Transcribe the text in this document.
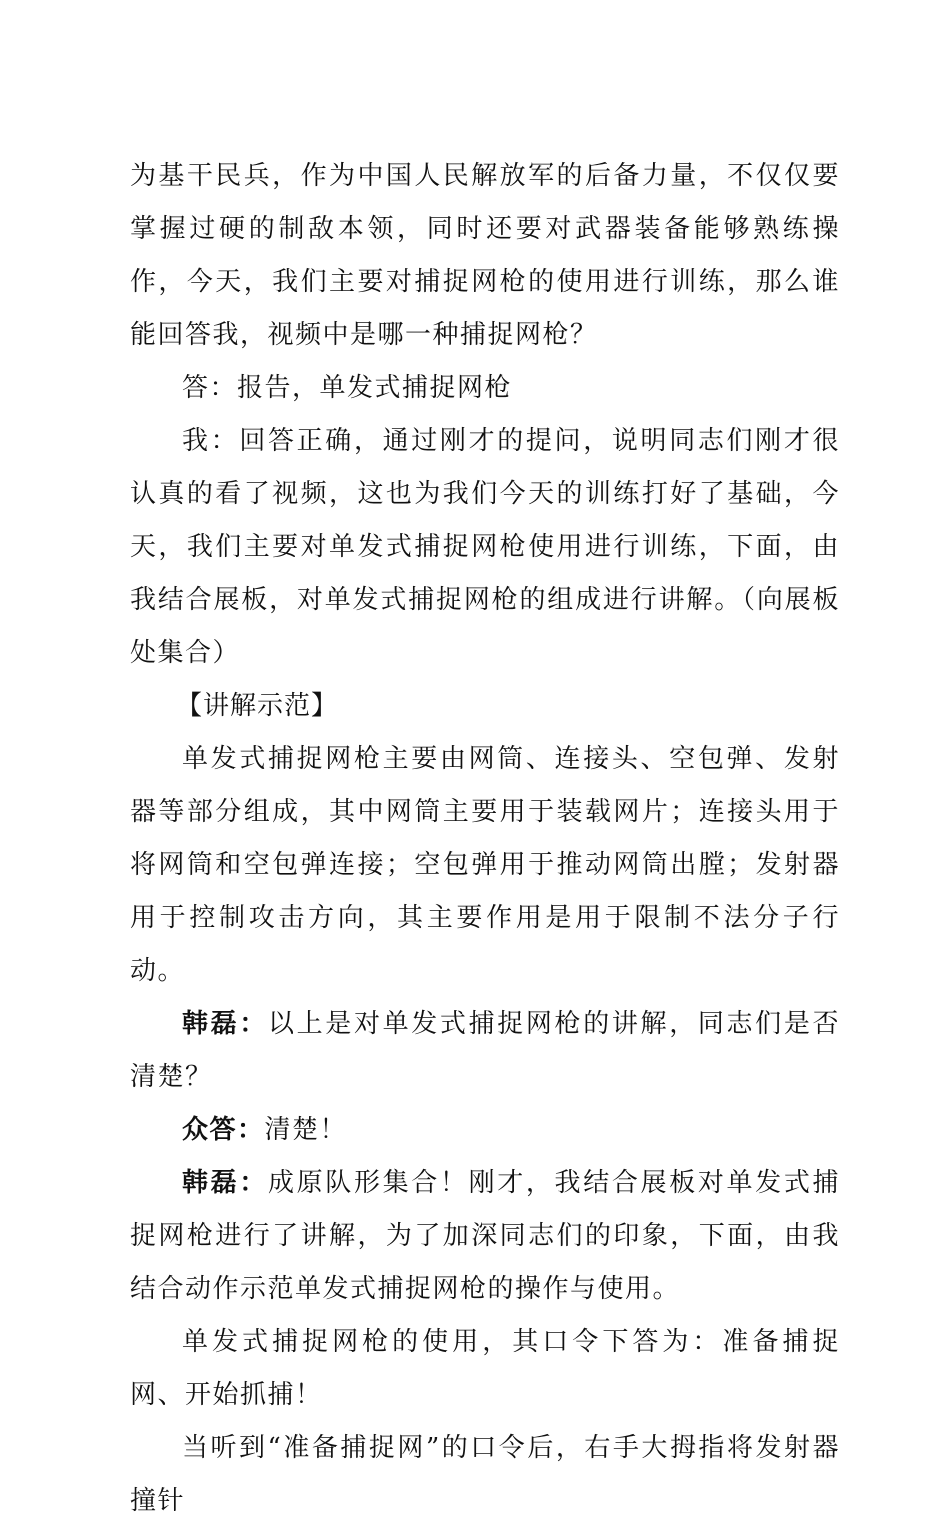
为基干民兵，作为中国人民解放军的后备力量，不仅仅要掌握过硬的制敌本领，同时还要对武器装备能够熟练操作，今天，我们主要对捕捉网枪的使用进行训练，那么谁能回答我，视频中是哪一种捕捉网枪？

答：报告，单发式捕捉网枪

我：回答正确，通过刚才的提问，说明同志们刚才很认真的看了视频，这也为我们今天的训练打好了基础，今天，我们主要对单发式捕捉网枪使用进行训练，下面，由我结合展板，对单发式捕捉网枪的组成进行讲解。（向展板处集合）

【讲解示范】

单发式捕捉网枪主要由网筒、连接头、空包弹、发射器等部分组成，其中网筒主要用于装载网片；连接头用于将网筒和空包弹连接；空包弹用于推动网筒出膛；发射器用于控制攻击方向，其主要作用是用于限制不法分子行动。

韩磊：以上是对单发式捕捉网枪的讲解，同志们是否清楚？

众答：清楚！

韩磊：成原队形集合！刚才，我结合展板对单发式捕捉网枪进行了讲解，为了加深同志们的印象，下面，由我结合动作示范单发式捕捉网枪的操作与使用。

单发式捕捉网枪的使用，其口令下答为：准备捕捉网、开始抓捕！

当听到“准备捕捉网”的口令后，右手大拇指将发射器撞针
